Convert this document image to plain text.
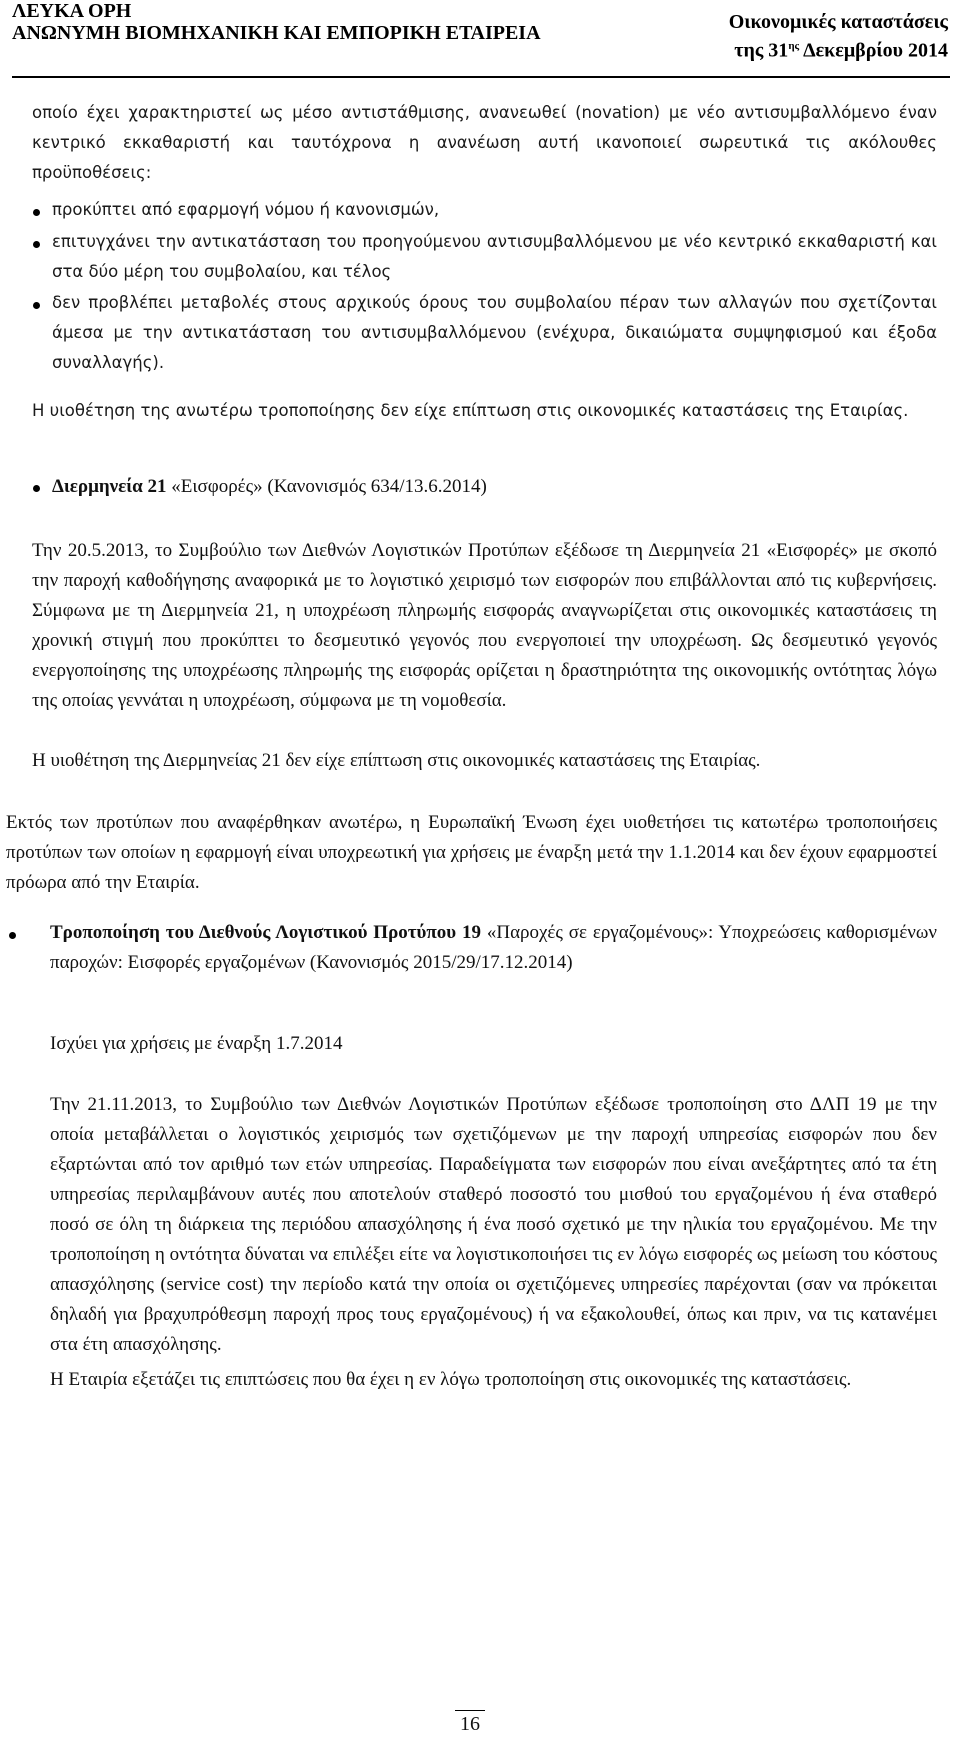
ΛΕΥΚΑ ΟΡΗ
ΑΝΩΝΥΜΗ ΒΙΟΜΗΧΑΝΙΚΗ ΚΑΙ ΕΜΠΟΡΙΚΗ ΕΤΑΙΡΕΙΑ	Οικονομικές καταστάσεις
της $31^{\eta\varsigma}$ Δεκεμβρίου 2014
οποίο έχει χαρακτηριστεί ως μέσο αντιστάθμισης, ανανεωθεί (novation) με νέο αντισυμβαλλόμενο έναν κεντρικό εκκαθαριστή και ταυτόχρονα η ανανέωση αυτή ικανοποιεί σωρευτικά τις ακόλουθες προϋποθέσεις:
προκύπτει από εφαρμογή νόμου ή κανονισμών,
επιτυγχάνει την αντικατάσταση του προηγούμενου αντισυμβαλλόμενου με νέο κεντρικό εκκαθαριστή και στα δύο μέρη του συμβολαίου, και τέλος
δεν προβλέπει μεταβολές στους αρχικούς όρους του συμβολαίου πέραν των αλλαγών που σχετίζονται άμεσα με την αντικατάσταση του αντισυμβαλλόμενου (ενέχυρα, δικαιώματα συμψηφισμού και έξοδα συναλλαγής).
Η υιοθέτηση της ανωτέρω τροποποίησης δεν είχε επίπτωση στις οικονομικές καταστάσεις της Εταιρίας.
Διερμηνεία 21 «Εισφορές» (Κανονισμός 634/13.6.2014)
Την 20.5.2013, το Συμβούλιο των Διεθνών Λογιστικών Προτύπων εξέδωσε τη Διερμηνεία 21 «Εισφορές» με σκοπό την παροχή καθοδήγησης αναφορικά με το λογιστικό χειρισμό των εισφορών που επιβάλλονται από τις κυβερνήσεις. Σύμφωνα με τη Διερμηνεία 21, η υποχρέωση πληρωμής εισφοράς αναγνωρίζεται στις οικονομικές καταστάσεις τη χρονική στιγμή που προκύπτει το δεσμευτικό γεγονός που ενεργοποιεί την υποχρέωση. Ως δεσμευτικό γεγονός ενεργοποίησης της υποχρέωσης πληρωμής της εισφοράς ορίζεται η δραστηριότητα της οικονομικής οντότητας λόγω της οποίας γεννάται η υποχρέωση, σύμφωνα με τη νομοθεσία.
Η υιοθέτηση της Διερμηνείας 21 δεν είχε επίπτωση στις οικονομικές καταστάσεις της Εταιρίας.
Εκτός των προτύπων που αναφέρθηκαν ανωτέρω, η Ευρωπαϊκή Ένωση έχει υιοθετήσει τις κατωτέρω τροποποιήσεις προτύπων των οποίων η εφαρμογή είναι υποχρεωτική για χρήσεις με έναρξη μετά την 1.1.2014 και δεν έχουν εφαρμοστεί πρόωρα από την Εταιρία.
Τροποποίηση του Διεθνούς Λογιστικού Προτύπου 19 «Παροχές σε εργαζομένους»: Υποχρεώσεις καθορισμένων παροχών: Εισφορές εργαζομένων (Κανονισμός 2015/29/17.12.2014)
Ισχύει για χρήσεις με έναρξη 1.7.2014
Την 21.11.2013, το Συμβούλιο των Διεθνών Λογιστικών Προτύπων εξέδωσε τροποποίηση στο ΔΛΠ 19 με την οποία μεταβάλλεται ο λογιστικός χειρισμός των σχετιζόμενων με την παροχή υπηρεσίας εισφορών που δεν εξαρτώνται από τον αριθμό των ετών υπηρεσίας. Παραδείγματα των εισφορών που είναι ανεξάρτητες από τα έτη υπηρεσίας περιλαμβάνουν αυτές που αποτελούν σταθερό ποσοστό του μισθού του εργαζομένου ή ένα σταθερό ποσό σε όλη τη διάρκεια της περιόδου απασχόλησης ή ένα ποσό σχετικό με την ηλικία του εργαζομένου. Με την τροποποίηση η οντότητα δύναται να επιλέξει είτε να λογιστικοποιήσει τις εν λόγω εισφορές ως μείωση του κόστους απασχόλησης (service cost) την περίοδο κατά την οποία οι σχετιζόμενες υπηρεσίες παρέχονται (σαν να πρόκειται δηλαδή για βραχυπρόθεσμη παροχή προς τους εργαζομένους) ή να εξακολουθεί, όπως και πριν, να τις κατανέμει στα έτη απασχόλησης.
Η Εταιρία εξετάζει τις επιπτώσεις που θα έχει η εν λόγω τροποποίηση στις οικονομικές της καταστάσεις.
16
